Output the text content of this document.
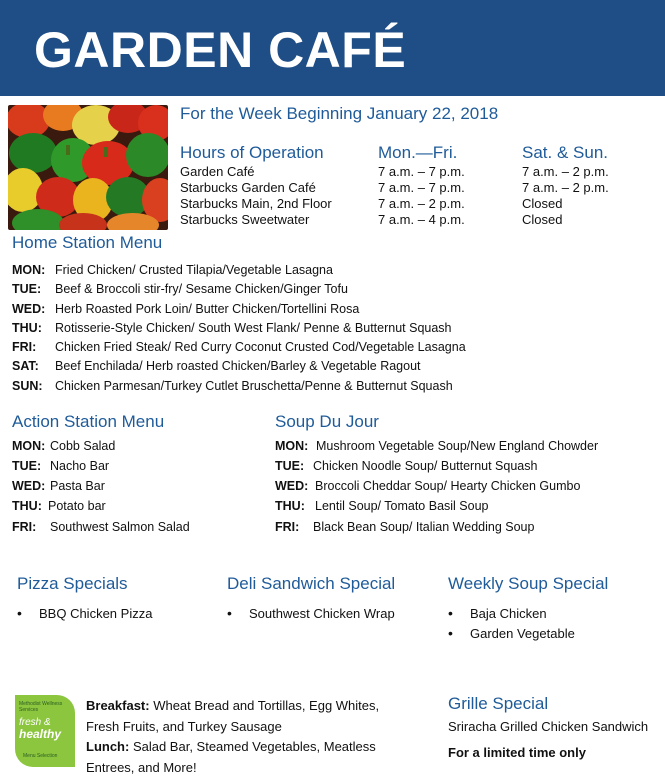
GARDEN CAFÉ
For the Week Beginning January 22, 2018
Hours of Operation	Mon.—Fri.	Sat. & Sun.
Garden Café	7 a.m. – 7 p.m.	7 a.m. – 2 p.m.
Starbucks Garden Café	7 a.m. – 7 p.m.	7 a.m. – 2 p.m.
Starbucks Main, 2nd Floor	7 a.m. – 2 p.m.	Closed
Starbucks Sweetwater	7 a.m. – 4 p.m.	Closed
Home Station Menu
MON: Fried Chicken/ Crusted Tilapia/Vegetable Lasagna
TUE: Beef & Broccoli stir-fry/ Sesame Chicken/Ginger Tofu
WED: Herb Roasted Pork Loin/ Butter Chicken/Tortellini Rosa
THU: Rotisserie-Style Chicken/ South West Flank/ Penne & Butternut Squash
FRI: Chicken Fried Steak/ Red Curry Coconut Crusted Cod/Vegetable Lasagna
SAT: Beef Enchilada/ Herb roasted Chicken/Barley & Vegetable Ragout
SUN: Chicken Parmesan/Turkey Cutlet Bruschetta/Penne & Butternut Squash
Action Station Menu
MON: Cobb Salad
TUE: Nacho Bar
WED: Pasta Bar
THU: Potato bar
FRI: Southwest Salmon Salad
Soup Du Jour
MON: Mushroom Vegetable Soup/New England Chowder
TUE: Chicken Noodle Soup/ Butternut Squash
WED: Broccoli Cheddar Soup/ Hearty Chicken Gumbo
THU: Lentil Soup/ Tomato Basil Soup
FRI: Black Bean Soup/ Italian Wedding Soup
Pizza Specials
• BBQ Chicken Pizza
Deli Sandwich Special
• Southwest Chicken Wrap
Weekly Soup Special
• Baja Chicken
• Garden Vegetable
Methodist Wellness Services
fresh &
healthy
Menu Selection
Breakfast: Wheat Bread and Tortillas, Egg Whites,
Fresh Fruits, and Turkey Sausage
Lunch: Salad Bar, Steamed Vegetables, Meatless
Entrees, and More!
Grille Special
Sriracha Grilled Chicken Sandwich
For a limited time only
